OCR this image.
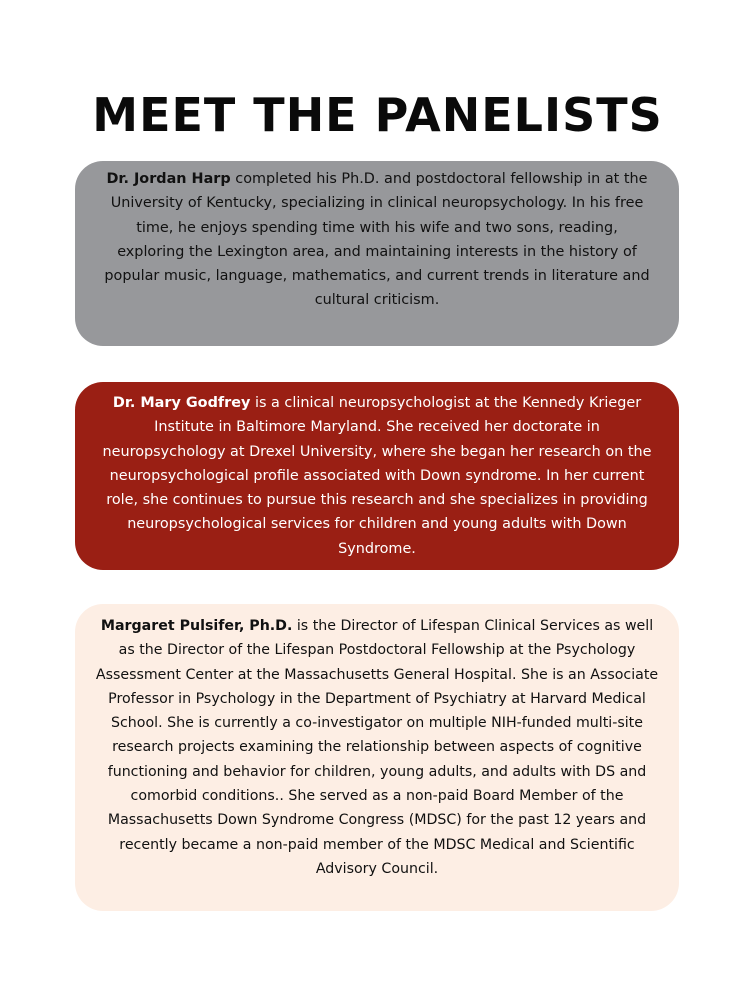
MEET THE PANELISTS

Dr. Jordan Harp completed his Ph.D. and postdoctoral fellowship in at the University of Kentucky, specializing in clinical neuropsychology. In his free time, he enjoys spending time with his wife and two sons, reading, exploring the Lexington area, and maintaining interests in the history of popular music, language, mathematics, and current trends in literature and cultural criticism.

Dr. Mary Godfrey is a clinical neuropsychologist at the Kennedy Krieger Institute in Baltimore Maryland. She received her doctorate in neuropsychology at Drexel University, where she began her research on the neuropsychological profile associated with Down syndrome. In her current role, she continues to pursue this research and she specializes in providing neuropsychological services for children and young adults with Down Syndrome.

Margaret Pulsifer, Ph.D. is the Director of Lifespan Clinical Services as well as the Director of the Lifespan Postdoctoral Fellowship at the Psychology Assessment Center at the Massachusetts General Hospital. She is an Associate Professor in Psychology in the Department of Psychiatry at Harvard Medical School. She is currently a co-investigator on multiple NIH-funded multi-site research projects examining the relationship between aspects of cognitive functioning and behavior for children, young adults, and adults with DS and comorbid conditions.. She served as a non-paid Board Member of the Massachusetts Down Syndrome Congress (MDSC) for the past 12 years and recently became a non-paid member of the MDSC Medical and Scientific Advisory Council.
